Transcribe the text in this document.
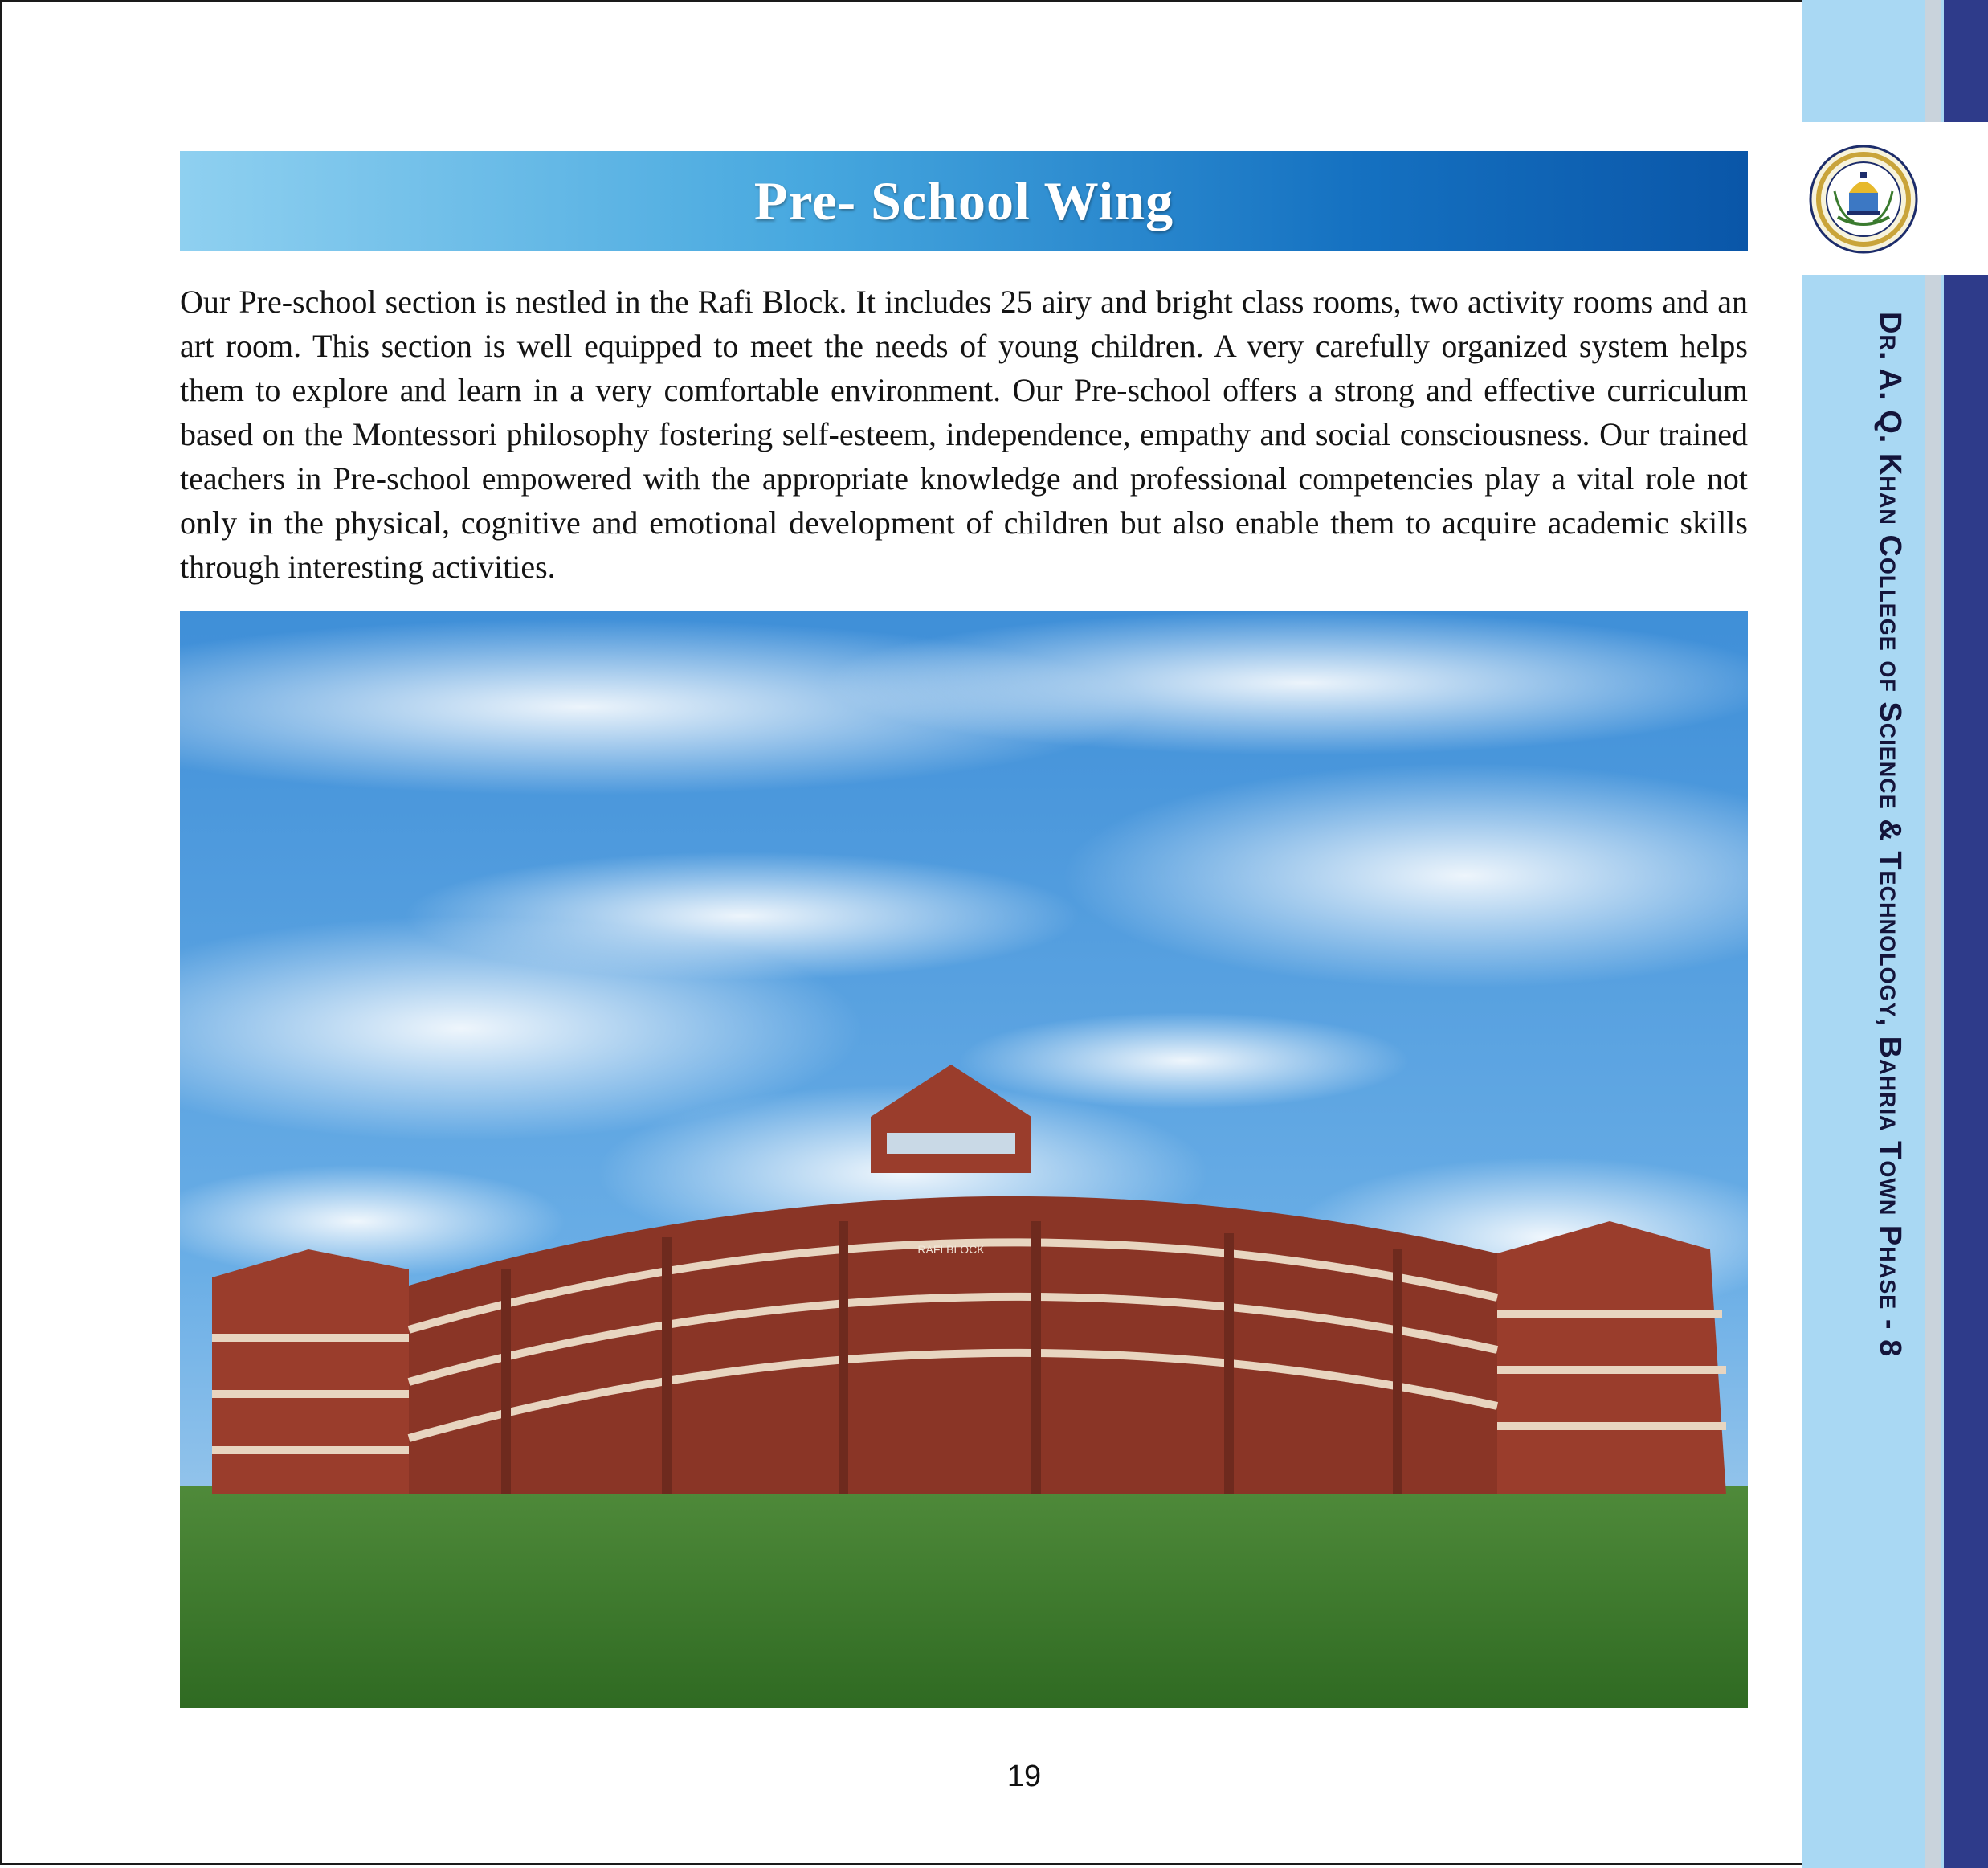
Dr. A. Q. Khan College of Science & Technology, Bahria Town Phase - 8
Pre- School Wing

Our Pre-school section is nestled in the Rafi Block. It includes 25 airy and bright class rooms, two activity rooms and an art room. This section is well equipped to meet the needs of young children. A very carefully organized system helps them to explore and learn in a very comfortable environment. Our Pre-school offers a strong and effective curriculum based on the Montessori philosophy fostering self-esteem, independence, empathy and social consciousness. Our trained teachers in Pre-school empowered with the appropriate knowledge and professional competencies play a vital role not only in the physical, cognitive and emotional development of children but also enable them to acquire academic skills through interesting activities.

RAFI BLOCK
19
